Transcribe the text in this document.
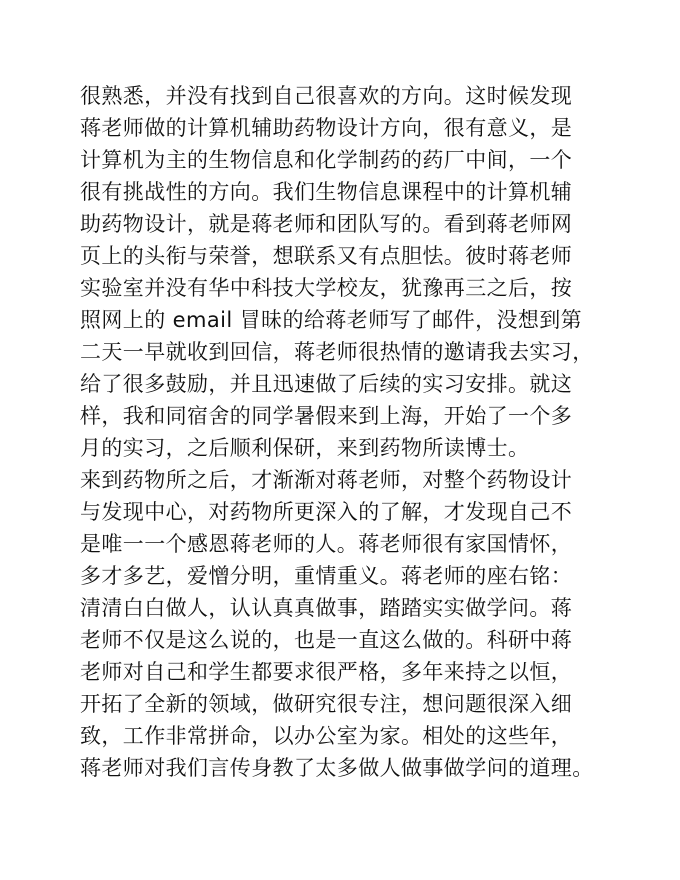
很熟悉，并没有找到自己很喜欢的方向。这时候发现
蒋老师做的计算机辅助药物设计方向，很有意义，是
计算机为主的生物信息和化学制药的药厂中间，一个
很有挑战性的方向。我们生物信息课程中的计算机辅
助药物设计，就是蒋老师和团队写的。看到蒋老师网
页上的头衔与荣誉，想联系又有点胆怯。彼时蒋老师
实验室并没有华中科技大学校友，犹豫再三之后，按
照网上的 email 冒昧的给蒋老师写了邮件，没想到第
二天一早就收到回信，蒋老师很热情的邀请我去实习，
给了很多鼓励，并且迅速做了后续的实习安排。就这
样，我和同宿舍的同学暑假来到上海，开始了一个多
月的实习，之后顺利保研，来到药物所读博士。
来到药物所之后，才渐渐对蒋老师，对整个药物设计
与发现中心，对药物所更深入的了解，才发现自己不
是唯一一个感恩蒋老师的人。蒋老师很有家国情怀，
多才多艺，爱憎分明，重情重义。蒋老师的座右铭：
清清白白做人，认认真真做事，踏踏实实做学问。蒋
老师不仅是这么说的，也是一直这么做的。科研中蒋
老师对自己和学生都要求很严格，多年来持之以恒，
开拓了全新的领域，做研究很专注，想问题很深入细
致，工作非常拼命，以办公室为家。相处的这些年，
蒋老师对我们言传身教了太多做人做事做学问的道理。
